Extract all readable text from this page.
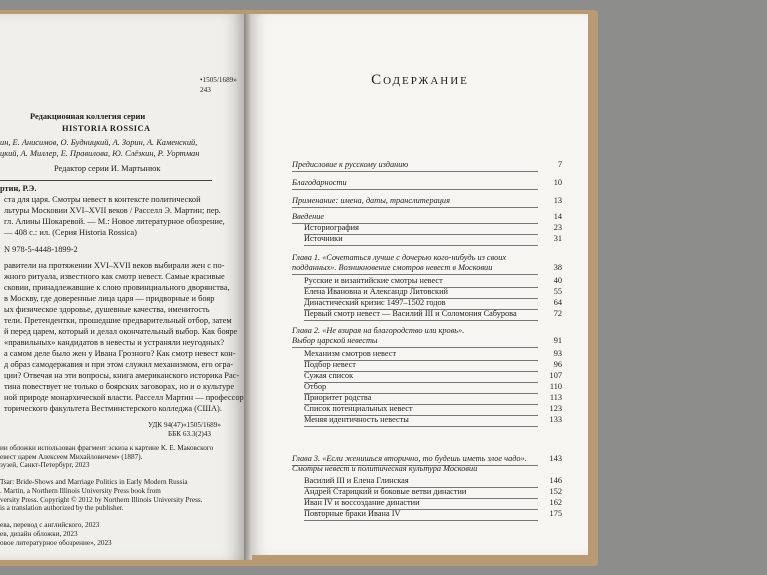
•1505/1689»
243
Редакционная коллегия серии
HISTORIA ROSSICA
ин, Е. Анисимов, О. Будницкий, А. Зорин, А. Каменский,
цкий, А. Миллер, Е. Правилова, Ю. Слёзкин, Р. Уортман
Редактор серии И. Мартынюк
ртин, Р.Э.
ста для царя. Смотры невест в контексте политической
льтуры Московии XVI–XVII веков / Расселл Э. Мартин; пер.
гл. Алины Шокаревой. — М.: Новое литературное обозрение,
— 408 с.: ил. (Серия Historia Rossica)
N 978-5-4448-1899-2
равители на протяжении XVI–XVII веков выбирали жен с по-
жного ритуала, известного как смотр невест. Самые красивые
сковии, принадлежавшие к слою провинциального дворянства,
в Москву, где доверенные лица царя — придворные и бояр
ых физическое здоровье, душевные качества, именитость
тели. Претендентки, прошедшие предварительный отбор, затем
й перед царем, который и делал окончательный выбор. Как бояре
«правильных» кандидатов в невесты и устраняли неугодных?
а самом деле было жен у Ивана Грозного? Как смотр невест кон-
д образ самодержавия и при этом служил механизмом, его огра-
ции? Отвечая на эти вопросы, книга американского историка Рас-
тина повествует не только о боярских заговорах, но и о культуре
ной природе монархической власти. Расселл Мартин — профессор
торического факультета Вестминстерского колледжа (США).
УДК 94(47)«1505/1689»
ББК 63.3(2)43
ии обложки использован фрагмент эскиза к картине К. Е. Маковского
евест царем Алексеем Михайловичем» (1887).
зузей, Санкт-Петербург, 2023
Tsar: Bride-Shows and Marriage Politics in Early Modern Russia
. Martin, a Northern Illinois University Press book from
versity Press. Copyright © 2012 by Northern Illinois University Press.
is a translation authorized by the publisher.
ева, перевод с английского, 2023
ев, дизайн обложки, 2023
овое литературное обозрение», 2023
Содержание
Предисловие к русскому изданию	7
Благодарности	10
Применание: имена, даты, транслитерация	13
Введение	14
Историография	23
Источники	31
Глава 1. «Сочетаться лучше с дочерью кого-нибудь из своих
подданных». Возникновение смотров невест в Московии	38
Русские и византийские смотры невест	40
Елена Ивановна и Александр Литовский	55
Династический кризис 1497–1502 годов	64
Первый смотр невест — Василий III и Соломония Сабурова	72
Глава 2. «Не взирая на благородство или кровь».
Выбор царской невесты	91
Механизм смотров невест	93
Подбор невест	96
Сужая список	107
Отбор	110
Приоритет родства	113
Список потенциальных невест	123
Меняя идентичность невесты	133
Глава 3. «Если женишься вторично, то будешь иметь злое чадо».	143
Смотры невест и политическая культура Московии
Василий III и Елена Глинская	146
Андрей Старицкий и боковые ветви династии	152
Иван IV и воссоздание династии	162
Повторные браки Ивана IV	175
